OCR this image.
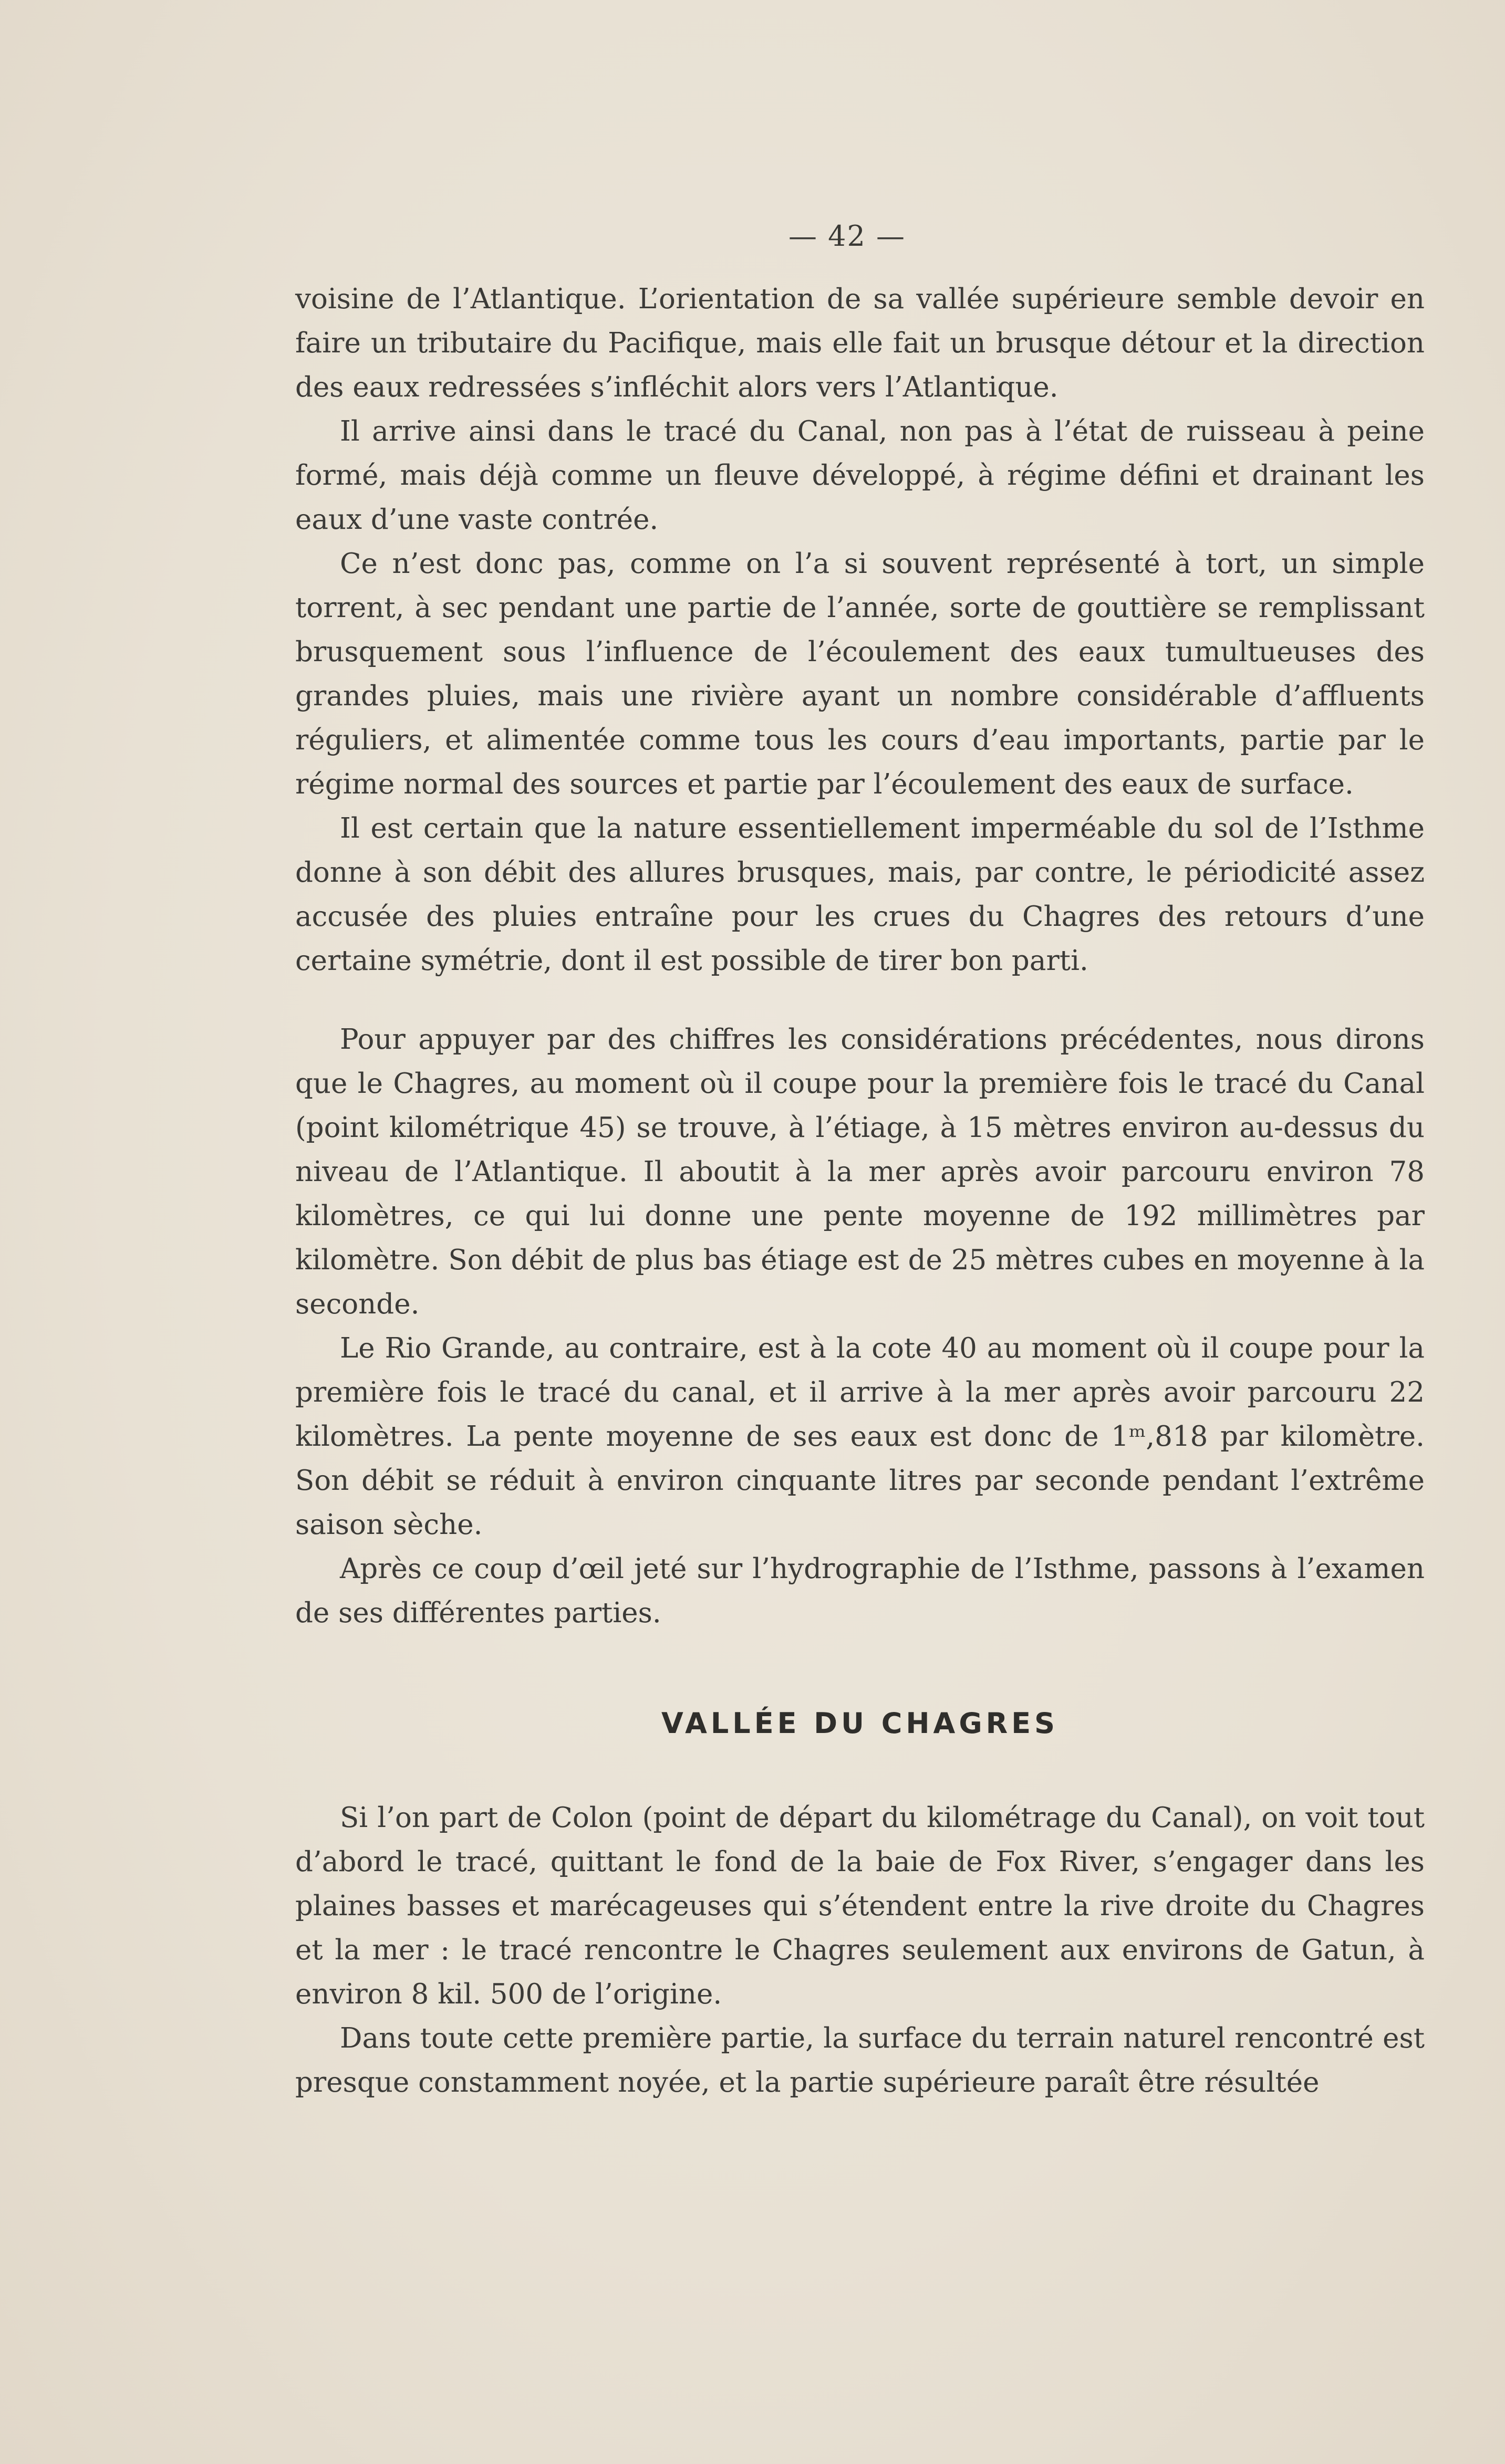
— 42 —

voisine de l’Atlantique. L’orientation de sa vallée supérieure semble devoir en faire un tributaire du Pacifique, mais elle fait un brusque détour et la direction des eaux redressées s’infléchit alors vers l’Atlantique.

Il arrive ainsi dans le tracé du Canal, non pas à l’état de ruisseau à peine formé, mais déjà comme un fleuve développé, à régime défini et drainant les eaux d’une vaste contrée.

Ce n’est donc pas, comme on l’a si souvent représenté à tort, un simple torrent, à sec pendant une partie de l’année, sorte de gouttière se remplissant brusquement sous l’influence de l’écoulement des eaux tumultueuses des grandes pluies, mais une rivière ayant un nombre considérable d’affluents réguliers, et alimentée comme tous les cours d’eau importants, partie par le régime normal des sources et partie par l’écoulement des eaux de surface.

Il est certain que la nature essentiellement imperméable du sol de l’Isthme donne à son débit des allures brusques, mais, par contre, le périodicité assez accusée des pluies entraîne pour les crues du Chagres des retours d’une certaine symétrie, dont il est possible de tirer bon parti.

Pour appuyer par des chiffres les considérations précédentes, nous dirons que le Chagres, au moment où il coupe pour la première fois le tracé du Canal (point kilométrique 45) se trouve, à l’étiage, à 15 mètres environ au-dessus du niveau de l’Atlantique. Il aboutit à la mer après avoir parcouru environ 78 kilomètres, ce qui lui donne une pente moyenne de 192 millimètres par kilomètre. Son débit de plus bas étiage est de 25 mètres cubes en moyenne à la seconde.

Le Rio Grande, au contraire, est à la cote 40 au moment où il coupe pour la première fois le tracé du canal, et il arrive à la mer après avoir parcouru 22 kilomètres. La pente moyenne de ses eaux est donc de 1ᵐ,818 par kilomètre. Son débit se réduit à environ cinquante litres par seconde pendant l’extrême saison sèche.

Après ce coup d’œil jeté sur l’hydrographie de l’Isthme, passons à l’examen de ses différentes parties.

VALLÉE DU CHAGRES

Si l’on part de Colon (point de départ du kilométrage du Canal), on voit tout d’abord le tracé, quittant le fond de la baie de Fox River, s’engager dans les plaines basses et marécageuses qui s’étendent entre la rive droite du Chagres et la mer : le tracé rencontre le Chagres seulement aux environs de Gatun, à environ 8 kil. 500 de l’origine.

Dans toute cette première partie, la surface du terrain naturel rencontré est presque constamment noyée, et la partie supérieure paraît être résultée
